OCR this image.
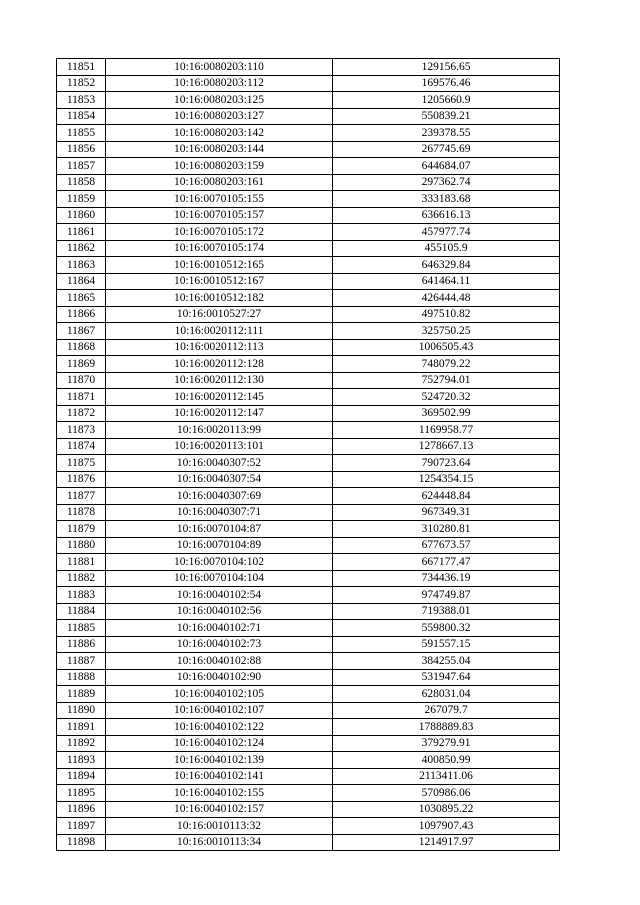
11851	10:16:0080203:110	129156.65
11852	10:16:0080203:112	169576.46
11853	10:16:0080203:125	1205660.9
11854	10:16:0080203:127	550839.21
11855	10:16:0080203:142	239378.55
11856	10:16:0080203:144	267745.69
11857	10:16:0080203:159	644684.07
11858	10:16:0080203:161	297362.74
11859	10:16:0070105:155	333183.68
11860	10:16:0070105:157	636616.13
11861	10:16:0070105:172	457977.74
11862	10:16:0070105:174	455105.9
11863	10:16:0010512:165	646329.84
11864	10:16:0010512:167	641464.11
11865	10:16:0010512:182	426444.48
11866	10:16:0010527:27	497510.82
11867	10:16:0020112:111	325750.25
11868	10:16:0020112:113	1006505.43
11869	10:16:0020112:128	748079.22
11870	10:16:0020112:130	752794.01
11871	10:16:0020112:145	524720.32
11872	10:16:0020112:147	369502.99
11873	10:16:0020113:99	1169958.77
11874	10:16:0020113:101	1278667.13
11875	10:16:0040307:52	790723.64
11876	10:16:0040307:54	1254354.15
11877	10:16:0040307:69	624448.84
11878	10:16:0040307:71	967349.31
11879	10:16:0070104:87	310280.81
11880	10:16:0070104:89	677673.57
11881	10:16:0070104:102	667177.47
11882	10:16:0070104:104	734436.19
11883	10:16:0040102:54	974749.87
11884	10:16:0040102:56	719388.01
11885	10:16:0040102:71	559800.32
11886	10:16:0040102:73	591557.15
11887	10:16:0040102:88	384255.04
11888	10:16:0040102:90	531947.64
11889	10:16:0040102:105	628031.04
11890	10:16:0040102:107	267079.7
11891	10:16:0040102:122	1788889.83
11892	10:16:0040102:124	379279.91
11893	10:16:0040102:139	400850.99
11894	10:16:0040102:141	2113411.06
11895	10:16:0040102:155	570986.06
11896	10:16:0040102:157	1030895.22
11897	10:16:0010113:32	1097907.43
11898	10:16:0010113:34	1214917.97
